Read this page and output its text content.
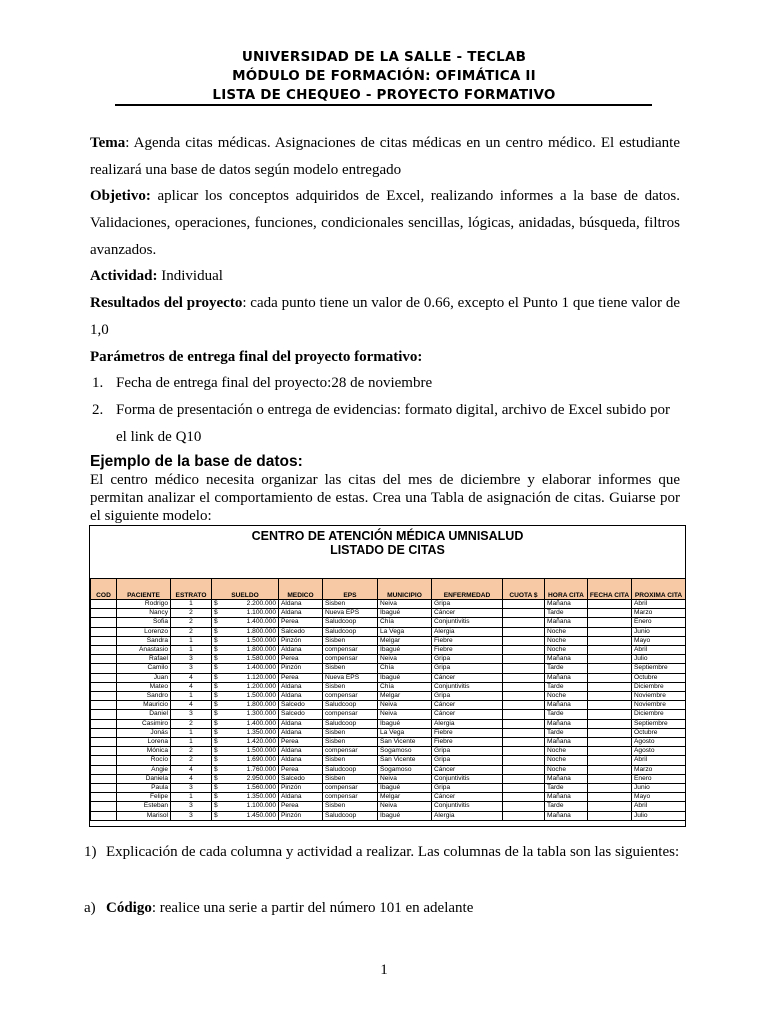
UNIVERSIDAD DE LA SALLE - TECLAB
MÓDULO DE FORMACIÓN: OFIMÁTICA II
LISTA DE CHEQUEO - PROYECTO FORMATIVO
Tema: Agenda citas médicas. Asignaciones de citas médicas en un centro médico. El estudiante realizará una base de datos según modelo entregado
Objetivo: aplicar los conceptos adquiridos de Excel, realizando informes a la base de datos. Validaciones, operaciones, funciones, condicionales sencillas, lógicas, anidadas, búsqueda, filtros avanzados.
Actividad: Individual
Resultados del proyecto: cada punto tiene un valor de 0.66, excepto el Punto 1 que tiene valor de 1,0
Parámetros de entrega final del proyecto formativo:
1. Fecha de entrega final del proyecto:28 de noviembre
2. Forma de presentación o entrega de evidencias: formato digital, archivo de Excel subido por el link de Q10
Ejemplo de la base de datos:
El centro médico necesita organizar las citas del mes de diciembre y elaborar informes que permitan analizar el comportamiento de estas. Crea una Tabla de asignación de citas. Guiarse por el siguiente modelo:
CENTRO DE ATENCIÓN MÉDICA UMNISALUD
LISTADO DE CITAS
COD	PACIENTE	ESTRATO	SUELDO	MEDICO	EPS	MUNICIPIO	ENFERMEDAD	CUOTA $	HORA CITA	FECHA CITA	PROXIMA CITA
	Rodrigo	1	$ 2.200.000	Aldana	Sisben	Neiva	Gripa		Mañana		Abril
	Nancy	2	$ 1.100.000	Aldana	Nueva EPS	Ibagué	Cáncer		Tarde		Marzo
	Sofia	2	$ 1.400.000	Perea	Saludcoop	Chía	Conjuntivitis		Mañana		Enero
	Lorenzo	2	$ 1.800.000	Salcedo	Saludcoop	La Vega	Alergia		Noche		Junio
	Sandra	1	$ 1.500.000	Pinzón	Sisben	Melgar	Fiebre		Noche		Mayo
	Anastasio	1	$ 1.800.000	Aldana	compensar	Ibagué	Fiebre		Noche		Abril
	Rafael	3	$ 1.580.000	Perea	compensar	Neiva	Gripa		Mañana		Julio
	Camilo	3	$ 1.400.000	Pinzón	Sisben	Chía	Gripa		Tarde		Septiembre
	Juan	4	$ 1.120.000	Perea	Nueva EPS	Ibagué	Cáncer		Mañana		Octubre
	Mateo	4	$ 1.200.000	Aldana	Sisben	Chía	Conjuntivitis		Tarde		Diciembre
	Sandro	1	$ 1.500.000	Aldana	compensar	Melgar	Gripa		Noche		Noviembre
	Mauricio	4	$ 1.800.000	Salcedo	Saludcoop	Neiva	Cáncer		Mañana		Noviembre
	Daniel	3	$ 1.300.000	Salcedo	compensar	Neiva	Cáncer		Tarde		Diciembre
	Casimiro	2	$ 1.400.000	Aldana	Saludcoop	Ibagué	Alergia		Mañana		Septiembre
	Jonás	1	$ 1.350.000	Aldana	Sisben	La Vega	Fiebre		Tarde		Octubre
	Lorena	1	$ 1.420.000	Perea	Sisben	San Vicente	Fiebre		Mañana		Agosto
	Mónica	2	$ 1.500.000	Aldana	compensar	Sogamoso	Gripa		Noche		Agosto
	Rocío	2	$ 1.690.000	Aldana	Sisben	San Vicente	Gripa		Noche		Abril
	Angie	4	$ 1.760.000	Perea	Saludcoop	Sogamoso	Cáncer		Noche		Marzo
	Daniela	4	$ 2.950.000	Salcedo	Sisben	Neiva	Conjuntivitis		Mañana		Enero
	Paula	3	$ 1.560.000	Pinzón	compensar	Ibagué	Gripa		Tarde		Junio
	Felipe	1	$ 1.350.000	Aldana	compensar	Melgar	Cáncer		Mañana		Mayo
	Esteban	3	$ 1.100.000	Perea	Sisben	Neiva	Conjuntivitis		Tarde		Abril
	Marisol	3	$ 1.450.000	Pinzón	Saludcoop	Ibagué	Alergia		Mañana		Julio
1) Explicación de cada columna y actividad a realizar. Las columnas de la tabla son las siguientes:
a) Código: realice una serie a partir del número 101 en adelante
1
